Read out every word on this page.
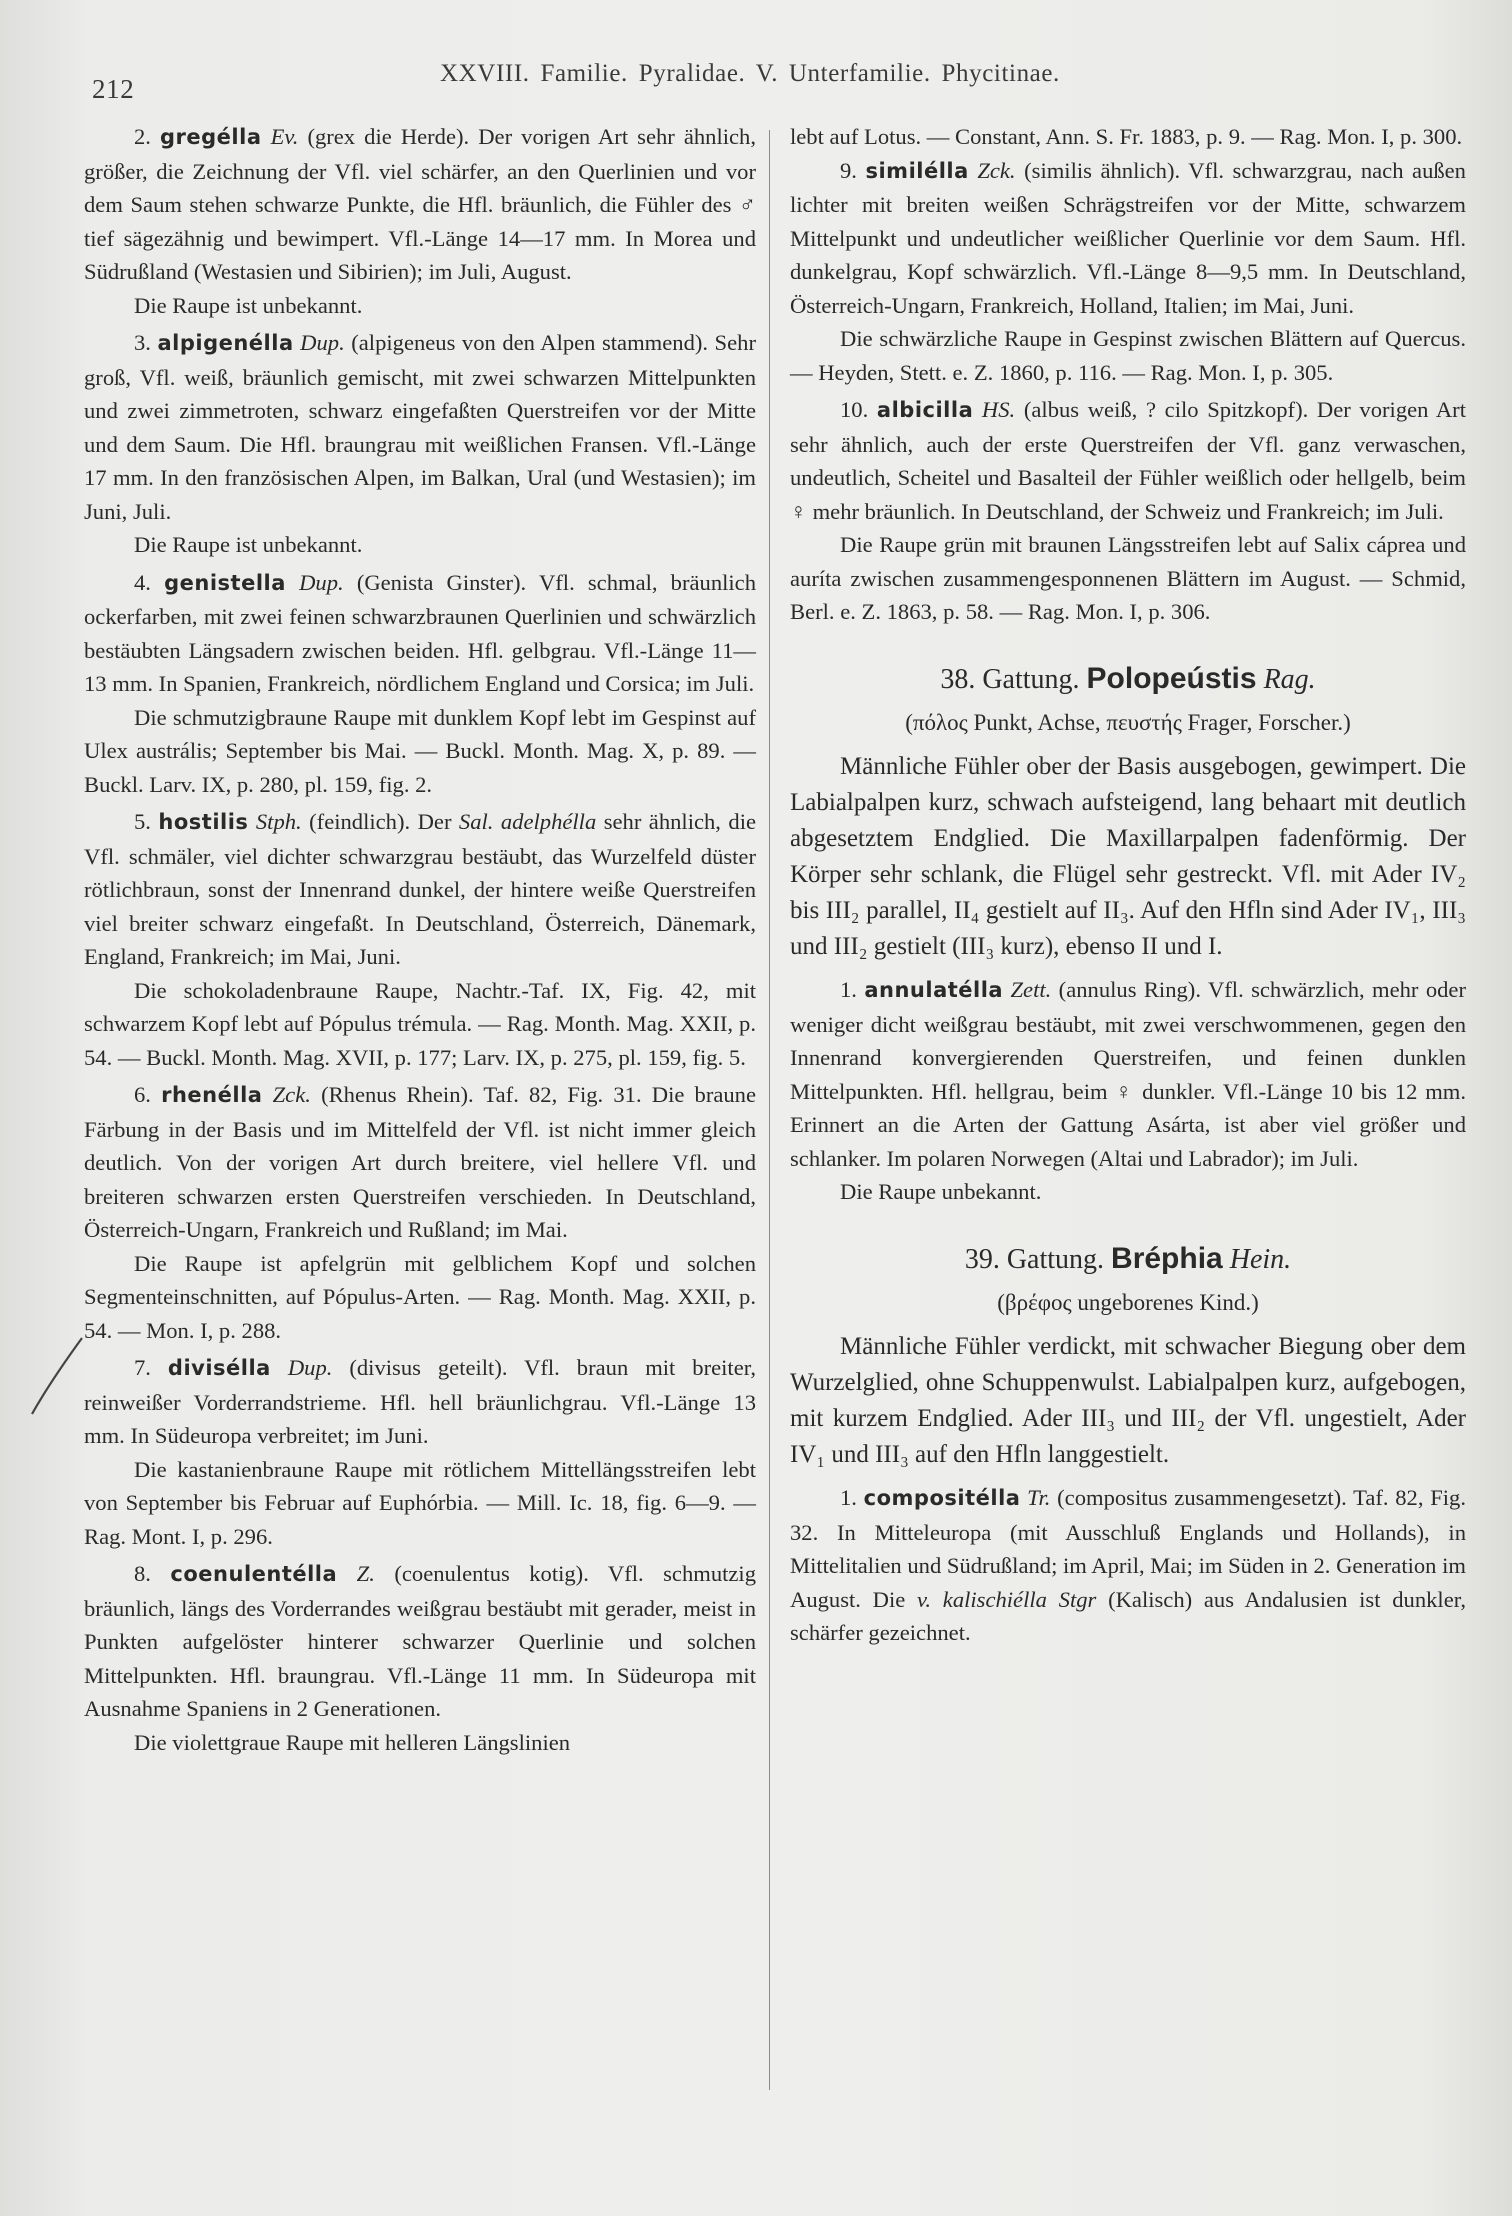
212
XXVIII. Familie. Pyralidae. V. Unterfamilie. Phycitinae.

2. gregélla Ev. (grex die Herde). Der vorigen Art sehr ähnlich, größer, die Zeichnung der Vfl. viel schärfer, an den Querlinien und vor dem Saum stehen schwarze Punkte, die Hfl. bräunlich, die Fühler des ♂ tief sägezähnig und bewimpert. Vfl.-Länge 14—17 mm. In Morea und Südrußland (Westasien und Sibirien); im Juli, August.

Die Raupe ist unbekannt.

3. alpigenélla Dup. (alpigeneus von den Alpen stammend). Sehr groß, Vfl. weiß, bräunlich gemischt, mit zwei schwarzen Mittelpunkten und zwei zimmetroten, schwarz eingefaßten Querstreifen vor der Mitte und dem Saum. Die Hfl. braungrau mit weißlichen Fransen. Vfl.-Länge 17 mm. In den französischen Alpen, im Balkan, Ural (und Westasien); im Juni, Juli.

Die Raupe ist unbekannt.

4. genistella Dup. (Genista Ginster). Vfl. schmal, bräunlich ockerfarben, mit zwei feinen schwarzbraunen Querlinien und schwärzlich bestäubten Längsadern zwischen beiden. Hfl. gelbgrau. Vfl.-Länge 11—13 mm. In Spanien, Frankreich, nördlichem England und Corsica; im Juli.

Die schmutzigbraune Raupe mit dunklem Kopf lebt im Gespinst auf Ulex austrális; September bis Mai. — Buckl. Month. Mag. X, p. 89. — Buckl. Larv. IX, p. 280, pl. 159, fig. 2.

5. hostilis Stph. (feindlich). Der Sal. adelphélla sehr ähnlich, die Vfl. schmäler, viel dichter schwarzgrau bestäubt, das Wurzelfeld düster rötlichbraun, sonst der Innenrand dunkel, der hintere weiße Querstreifen viel breiter schwarz eingefaßt. In Deutschland, Österreich, Dänemark, England, Frankreich; im Mai, Juni.

Die schokoladenbraune Raupe, Nachtr.-Taf. IX, Fig. 42, mit schwarzem Kopf lebt auf Pópulus trémula. — Rag. Month. Mag. XXII, p. 54. — Buckl. Month. Mag. XVII, p. 177; Larv. IX, p. 275, pl. 159, fig. 5.

6. rhenélla Zck. (Rhenus Rhein). Taf. 82, Fig. 31. Die braune Färbung in der Basis und im Mittelfeld der Vfl. ist nicht immer gleich deutlich. Von der vorigen Art durch breitere, viel hellere Vfl. und breiteren schwarzen ersten Querstreifen verschieden. In Deutschland, Österreich-Ungarn, Frankreich und Rußland; im Mai.

Die Raupe ist apfelgrün mit gelblichem Kopf und solchen Segmenteinschnitten, auf Pópulus-Arten. — Rag. Month. Mag. XXII, p. 54. — Mon. I, p. 288.

7. divisélla Dup. (divisus geteilt). Vfl. braun mit breiter, reinweißer Vorderrandstrieme. Hfl. hell bräunlichgrau. Vfl.-Länge 13 mm. In Südeuropa verbreitet; im Juni.

Die kastanienbraune Raupe mit rötlichem Mittellängsstreifen lebt von September bis Februar auf Euphórbia. — Mill. Ic. 18, fig. 6—9. — Rag. Mont. I, p. 296.

8. coenulentélla Z. (coenulentus kotig). Vfl. schmutzig bräunlich, längs des Vorderrandes weißgrau bestäubt mit gerader, meist in Punkten aufgelöster hinterer schwarzer Querlinie und solchen Mittelpunkten. Hfl. braungrau. Vfl.-Länge 11 mm. In Südeuropa mit Ausnahme Spaniens in 2 Generationen.

Die violettgraue Raupe mit helleren Längslinien

lebt auf Lotus. — Constant, Ann. S. Fr. 1883, p. 9. — Rag. Mon. I, p. 300.

9. similélla Zck. (similis ähnlich). Vfl. schwarzgrau, nach außen lichter mit breiten weißen Schrägstreifen vor der Mitte, schwarzem Mittelpunkt und undeutlicher weißlicher Querlinie vor dem Saum. Hfl. dunkelgrau, Kopf schwärzlich. Vfl.-Länge 8—9,5 mm. In Deutschland, Österreich-Ungarn, Frankreich, Holland, Italien; im Mai, Juni.

Die schwärzliche Raupe in Gespinst zwischen Blättern auf Quercus. — Heyden, Stett. e. Z. 1860, p. 116. — Rag. Mon. I, p. 305.

10. albicilla HS. (albus weiß, ? cilo Spitzkopf). Der vorigen Art sehr ähnlich, auch der erste Querstreifen der Vfl. ganz verwaschen, undeutlich, Scheitel und Basalteil der Fühler weißlich oder hellgelb, beim ♀ mehr bräunlich. In Deutschland, der Schweiz und Frankreich; im Juli.

Die Raupe grün mit braunen Längsstreifen lebt auf Salix cáprea und auríta zwischen zusammengesponnenen Blättern im August. — Schmid, Berl. e. Z. 1863, p. 58. — Rag. Mon. I, p. 306.

38. Gattung. Polopeústis Rag.
(πόλος Punkt, Achse, πευστής Frager, Forscher.)

Männliche Fühler ober der Basis ausgebogen, gewimpert. Die Labialpalpen kurz, schwach aufsteigend, lang behaart mit deutlich abgesetztem Endglied. Die Maxillarpalpen fadenförmig. Der Körper sehr schlank, die Flügel sehr gestreckt. Vfl. mit Ader IV₂ bis III₂ parallel, II₄ gestielt auf II₃. Auf den Hfln sind Ader IV₁, III₃ und III₂ gestielt (III₃ kurz), ebenso II und I.

1. annulatélla Zett. (annulus Ring). Vfl. schwärzlich, mehr oder weniger dicht weißgrau bestäubt, mit zwei verschwommenen, gegen den Innenrand konvergierenden Querstreifen, und feinen dunklen Mittelpunkten. Hfl. hellgrau, beim ♀ dunkler. Vfl.-Länge 10 bis 12 mm. Erinnert an die Arten der Gattung Asárta, ist aber viel größer und schlanker. Im polaren Norwegen (Altai und Labrador); im Juli.

Die Raupe unbekannt.

39. Gattung. Bréphia Hein.
(βρέφος ungeborenes Kind.)

Männliche Fühler verdickt, mit schwacher Biegung ober dem Wurzelglied, ohne Schuppenwulst. Labialpalpen kurz, aufgebogen, mit kurzem Endglied. Ader III₃ und III₂ der Vfl. ungestielt, Ader IV₁ und III₃ auf den Hfln langgestielt.

1. compositélla Tr. (compositus zusammengesetzt). Taf. 82, Fig. 32. In Mitteleuropa (mit Ausschluß Englands und Hollands), in Mittelitalien und Südrußland; im April, Mai; im Süden in 2. Generation im August. Die v. kalischiélla Stgr (Kalisch) aus Andalusien ist dunkler, schärfer gezeichnet.
